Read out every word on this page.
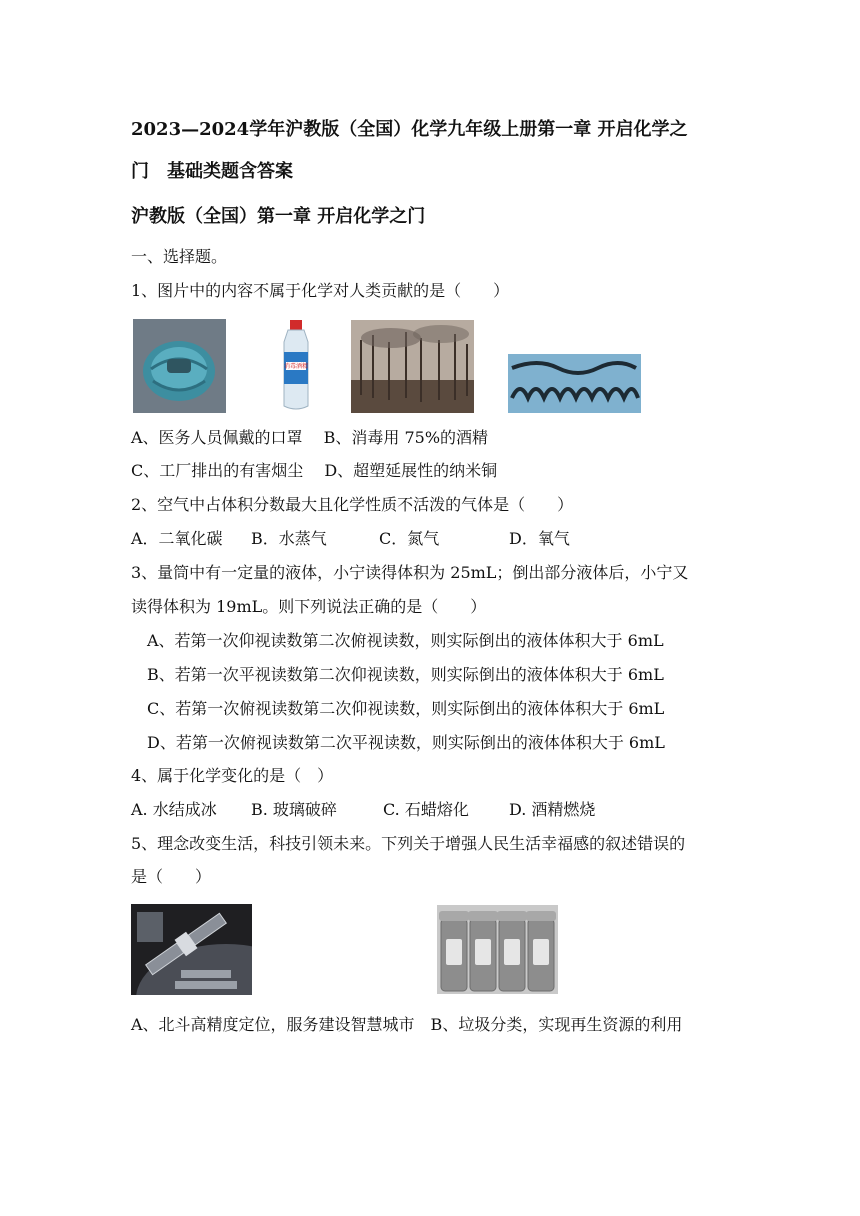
2023—2024学年沪教版（全国）化学九年级上册第一章 开启化学之
门　基础类题含答案
沪教版（全国）第一章 开启化学之门
一、选择题。
1、图片中的内容不属于化学对人类贡献的是（　　）
消毒酒精
A、医务人员佩戴的口罩　 B、消毒用 75%的酒精
C、工厂排出的有害烟尘　 D、超塑延展性的纳米铜
2、空气中占体积分数最大且化学性质不活泼的气体是（　　）
A．二氧化碳 B．水蒸气	C．氮气	D．氧气
3、量筒中有一定量的液体，小宁读得体积为 25mL；倒出部分液体后，小宁又
读得体积为 19mL。则下列说法正确的是（　　）
A、若第一次仰视读数第二次俯视读数，则实际倒出的液体体积大于 6mL
B、若第一次平视读数第二次仰视读数，则实际倒出的液体体积大于 6mL
C、若第一次俯视读数第二次仰视读数，则实际倒出的液体体积大于 6mL
D、若第一次俯视读数第二次平视读数，则实际倒出的液体体积大于 6mL
4、属于化学变化的是（　）
A. 水结成冰 B. 玻璃破碎	C. 石蜡熔化	D. 酒精燃烧
5、理念改变生活，科技引领未来。下列关于增强人民生活幸福感的叙述错误的
是（　　）
A、北斗高精度定位，服务建设智慧城市　B、垃圾分类，实现再生资源的利用
